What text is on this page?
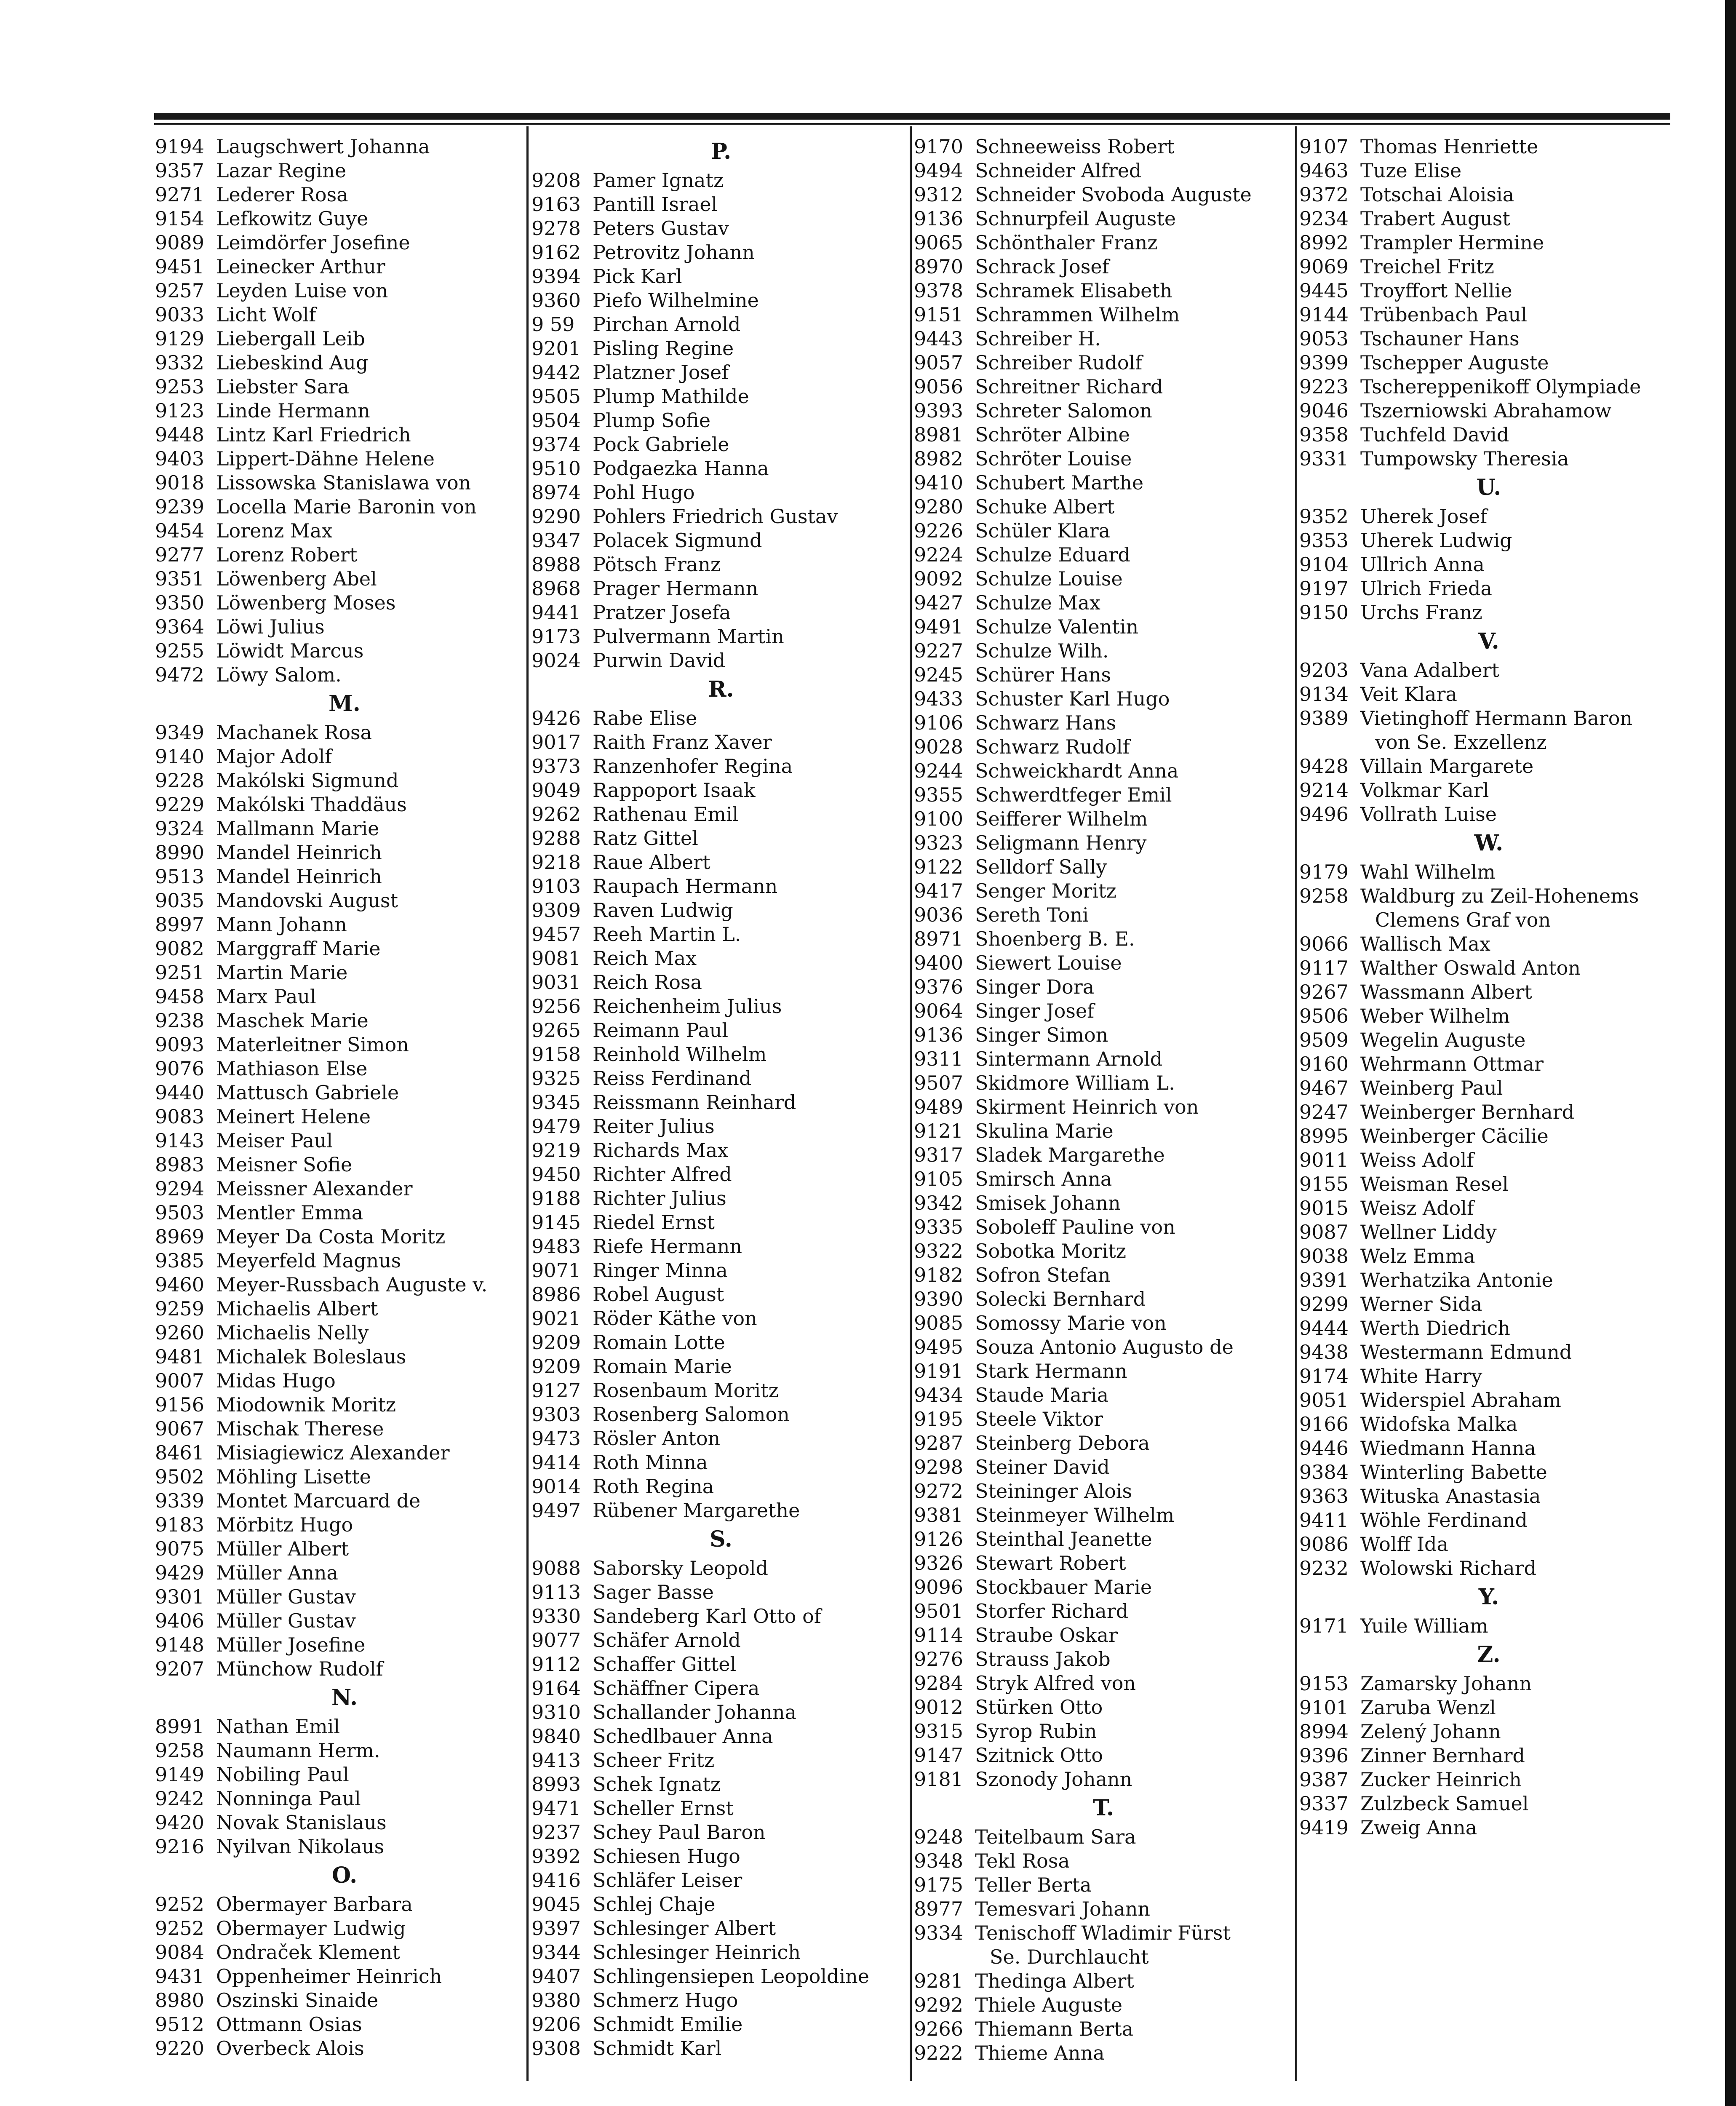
9194 Laugschwert Johanna
9357 Lazar Regine
9271 Lederer Rosa
9154 Lefkowitz Guye
9089 Leimdörfer Josefine
9451 Leinecker Arthur
9257 Leyden Luise von
9033 Licht Wolf
9129 Liebergall Leib
9332 Liebeskind Aug
9253 Liebster Sara
9123 Linde Hermann
9448 Lintz Karl Friedrich
9403 Lippert-Dähne Helene
9018 Lissowska Stanislawa von
9239 Locella Marie Baronin von
9454 Lorenz Max
9277 Lorenz Robert
9351 Löwenberg Abel
9350 Löwenberg Moses
9364 Löwi Julius
9255 Löwidt Marcus
9472 Löwy Salom.
M.
9349 Machanek Rosa
9140 Major Adolf
9228 Makólski Sigmund
9229 Makólski Thaddäus
9324 Mallmann Marie
8990 Mandel Heinrich
9513 Mandel Heinrich
9035 Mandovski August
8997 Mann Johann
9082 Marggraff Marie
9251 Martin Marie
9458 Marx Paul
9238 Maschek Marie
9093 Materleitner Simon
9076 Mathiason Else
9440 Mattusch Gabriele
9083 Meinert Helene
9143 Meiser Paul
8983 Meisner Sofie
9294 Meissner Alexander
9503 Mentler Emma
8969 Meyer Da Costa Moritz
9385 Meyerfeld Magnus
9460 Meyer-Russbach Auguste v.
9259 Michaelis Albert
9260 Michaelis Nelly
9481 Michalek Boleslaus
9007 Midas Hugo
9156 Miodownik Moritz
9067 Mischak Therese
8461 Misiagiewicz Alexander
9502 Möhling Lisette
9339 Montet Marcuard de
9183 Mörbitz Hugo
9075 Müller Albert
9429 Müller Anna
9301 Müller Gustav
9406 Müller Gustav
9148 Müller Josefine
9207 Münchow Rudolf
N.
8991 Nathan Emil
9258 Naumann Herm.
9149 Nobiling Paul
9242 Nonninga Paul
9420 Novak Stanislaus
9216 Nyilvan Nikolaus
O.
9252 Obermayer Barbara
9252 Obermayer Ludwig
9084 Ondraček Klement
9431 Oppenheimer Heinrich
8980 Oszinski Sinaide
9512 Ottmann Osias
9220 Overbeck Alois
P.
9208 Pamer Ignatz
9163 Pantill Israel
9278 Peters Gustav
9162 Petrovitz Johann
9394 Pick Karl
9360 Piefo Wilhelmine
9 59 Pirchan Arnold
9201 Pisling Regine
9442 Platzner Josef
9505 Plump Mathilde
9504 Plump Sofie
9374 Pock Gabriele
9510 Podgaezka Hanna
8974 Pohl Hugo
9290 Pohlers Friedrich Gustav
9347 Polacek Sigmund
8988 Pötsch Franz
8968 Prager Hermann
9441 Pratzer Josefa
9173 Pulvermann Martin
9024 Purwin David
R.
9426 Rabe Elise
9017 Raith Franz Xaver
9373 Ranzenhofer Regina
9049 Rappoport Isaak
9262 Rathenau Emil
9288 Ratz Gittel
9218 Raue Albert
9103 Raupach Hermann
9309 Raven Ludwig
9457 Reeh Martin L.
9081 Reich Max
9031 Reich Rosa
9256 Reichenheim Julius
9265 Reimann Paul
9158 Reinhold Wilhelm
9325 Reiss Ferdinand
9345 Reissmann Reinhard
9479 Reiter Julius
9219 Richards Max
9450 Richter Alfred
9188 Richter Julius
9145 Riedel Ernst
9483 Riefe Hermann
9071 Ringer Minna
8986 Robel August
9021 Röder Käthe von
9209 Romain Lotte
9209 Romain Marie
9127 Rosenbaum Moritz
9303 Rosenberg Salomon
9473 Rösler Anton
9414 Roth Minna
9014 Roth Regina
9497 Rübener Margarethe
S.
9088 Saborsky Leopold
9113 Sager Basse
9330 Sandeberg Karl Otto of
9077 Schäfer Arnold
9112 Schaffer Gittel
9164 Schäffner Cipera
9310 Schallander Johanna
9840 Schedlbauer Anna
9413 Scheer Fritz
8993 Schek Ignatz
9471 Scheller Ernst
9237 Schey Paul Baron
9392 Schiesen Hugo
9416 Schläfer Leiser
9045 Schlej Chaje
9397 Schlesinger Albert
9344 Schlesinger Heinrich
9407 Schlingensiepen Leopoldine
9380 Schmerz Hugo
9206 Schmidt Emilie
9308 Schmidt Karl
9170 Schneeweiss Robert
9494 Schneider Alfred
9312 Schneider Svoboda Auguste
9136 Schnurpfeil Auguste
9065 Schönthaler Franz
8970 Schrack Josef
9378 Schramek Elisabeth
9151 Schrammen Wilhelm
9443 Schreiber H.
9057 Schreiber Rudolf
9056 Schreitner Richard
9393 Schreter Salomon
8981 Schröter Albine
8982 Schröter Louise
9410 Schubert Marthe
9280 Schuke Albert
9226 Schüler Klara
9224 Schulze Eduard
9092 Schulze Louise
9427 Schulze Max
9491 Schulze Valentin
9227 Schulze Wilh.
9245 Schürer Hans
9433 Schuster Karl Hugo
9106 Schwarz Hans
9028 Schwarz Rudolf
9244 Schweickhardt Anna
9355 Schwerdtfeger Emil
9100 Seifferer Wilhelm
9323 Seligmann Henry
9122 Selldorf Sally
9417 Senger Moritz
9036 Sereth Toni
8971 Shoenberg B. E.
9400 Siewert Louise
9376 Singer Dora
9064 Singer Josef
9136 Singer Simon
9311 Sintermann Arnold
9507 Skidmore William L.
9489 Skirment Heinrich von
9121 Skulina Marie
9317 Sladek Margarethe
9105 Smirsch Anna
9342 Smisek Johann
9335 Soboleff Pauline von
9322 Sobotka Moritz
9182 Sofron Stefan
9390 Solecki Bernhard
9085 Somossy Marie von
9495 Souza Antonio Augusto de
9191 Stark Hermann
9434 Staude Maria
9195 Steele Viktor
9287 Steinberg Debora
9298 Steiner David
9272 Steininger Alois
9381 Steinmeyer Wilhelm
9126 Steinthal Jeanette
9326 Stewart Robert
9096 Stockbauer Marie
9501 Storfer Richard
9114 Straube Oskar
9276 Strauss Jakob
9284 Stryk Alfred von
9012 Stürken Otto
9315 Syrop Rubin
9147 Szitnick Otto
9181 Szonody Johann
T.
9248 Teitelbaum Sara
9348 Tekl Rosa
9175 Teller Berta
8977 Temesvari Johann
9334 Tenischoff Wladimir Fürst
Se. Durchlaucht
9281 Thedinga Albert
9292 Thiele Auguste
9266 Thiemann Berta
9222 Thieme Anna
9107 Thomas Henriette
9463 Tuze Elise
9372 Totschai Aloisia
9234 Trabert August
8992 Trampler Hermine
9069 Treichel Fritz
9445 Troyffort Nellie
9144 Trübenbach Paul
9053 Tschauner Hans
9399 Tschepper Auguste
9223 Tschereppenikoff Olympiade
9046 Tszerniowski Abrahamow
9358 Tuchfeld David
9331 Tumpowsky Theresia
U.
9352 Uherek Josef
9353 Uherek Ludwig
9104 Ullrich Anna
9197 Ulrich Frieda
9150 Urchs Franz
V.
9203 Vana Adalbert
9134 Veit Klara
9389 Vietinghoff Hermann Baron
von Se. Exzellenz
9428 Villain Margarete
9214 Volkmar Karl
9496 Vollrath Luise
W.
9179 Wahl Wilhelm
9258 Waldburg zu Zeil-Hohenems
Clemens Graf von
9066 Wallisch Max
9117 Walther Oswald Anton
9267 Wassmann Albert
9506 Weber Wilhelm
9509 Wegelin Auguste
9160 Wehrmann Ottmar
9467 Weinberg Paul
9247 Weinberger Bernhard
8995 Weinberger Cäcilie
9011 Weiss Adolf
9155 Weisman Resel
9015 Weisz Adolf
9087 Wellner Liddy
9038 Welz Emma
9391 Werhatzika Antonie
9299 Werner Sida
9444 Werth Diedrich
9438 Westermann Edmund
9174 White Harry
9051 Widerspiel Abraham
9166 Widofska Malka
9446 Wiedmann Hanna
9384 Winterling Babette
9363 Wituska Anastasia
9411 Wöhle Ferdinand
9086 Wolff Ida
9232 Wolowski Richard
Y.
9171 Yuile William
Z.
9153 Zamarsky Johann
9101 Zaruba Wenzl
8994 Zelený Johann
9396 Zinner Bernhard
9387 Zucker Heinrich
9337 Zulzbeck Samuel
9419 Zweig Anna
